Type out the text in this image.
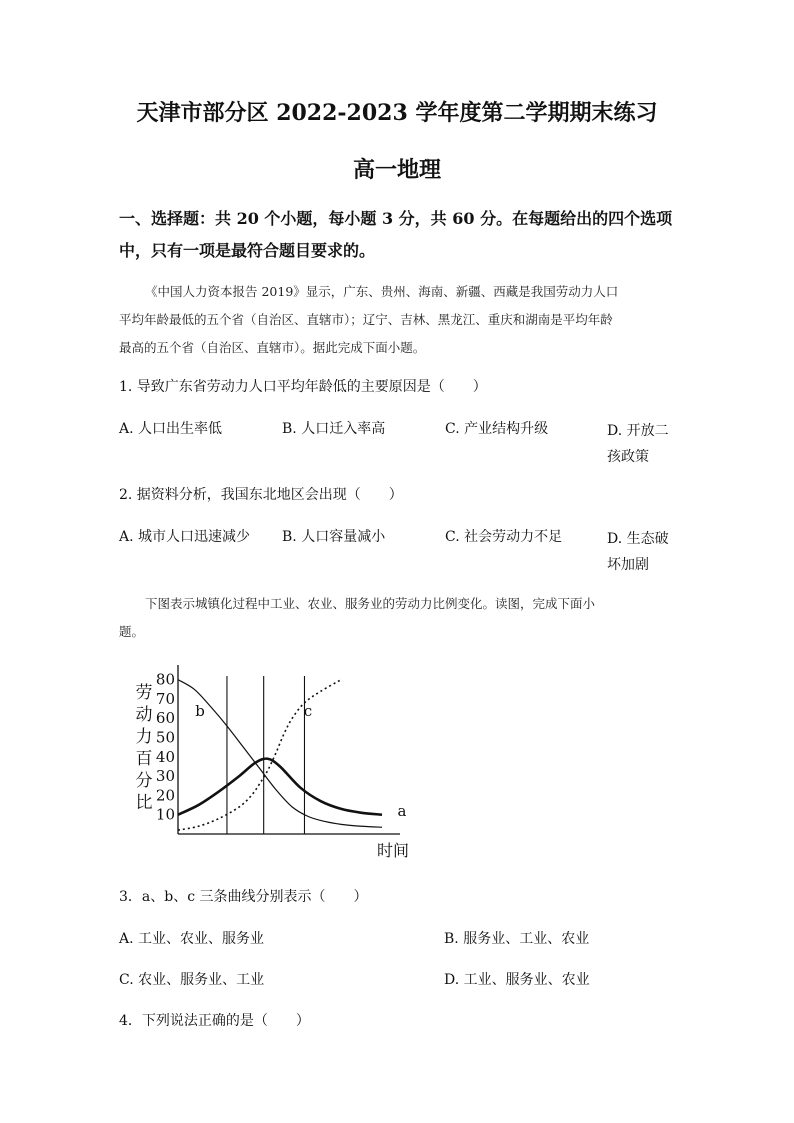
天津市部分区 2022-2023 学年度第二学期期末练习
高一地理
一、选择题：共 20 个小题，每小题 3 分，共 60 分。在每题给出的四个选项
中，只有一项是最符合题目要求的。
《中国人力资本报告 2019》显示，广东、贵州、海南、新疆、西藏是我国劳动力人口
平均年龄最低的五个省（自治区、直辖市）；辽宁、吉林、黑龙江、重庆和湖南是平均年龄
最高的五个省（自治区、直辖市）。据此完成下面小题。
1. 导致广东省劳动力人口平均年龄低的主要原因是（　　）
A. 人口出生率低	B. 人口迁入率高	C. 产业结构升级	D. 开放二孩政策
2. 据资料分析，我国东北地区会出现（　　）
A. 城市人口迅速减少 B. 人口容量减小	C. 社会劳动力不足	D. 生态破坏加剧
下图表示城镇化过程中工业、农业、服务业的劳动力比例变化。读图，完成下面小
题。
劳
动
力
百
分
比
10
20
30
40
50
60
70
80
a
b	c
时间
3．a、b、c 三条曲线分别表示（　　）
A. 工业、农业、服务业	B. 服务业、工业、农业
C. 农业、服务业、工业	D. 工业、服务业、农业
4．下列说法正确的是（　　）
